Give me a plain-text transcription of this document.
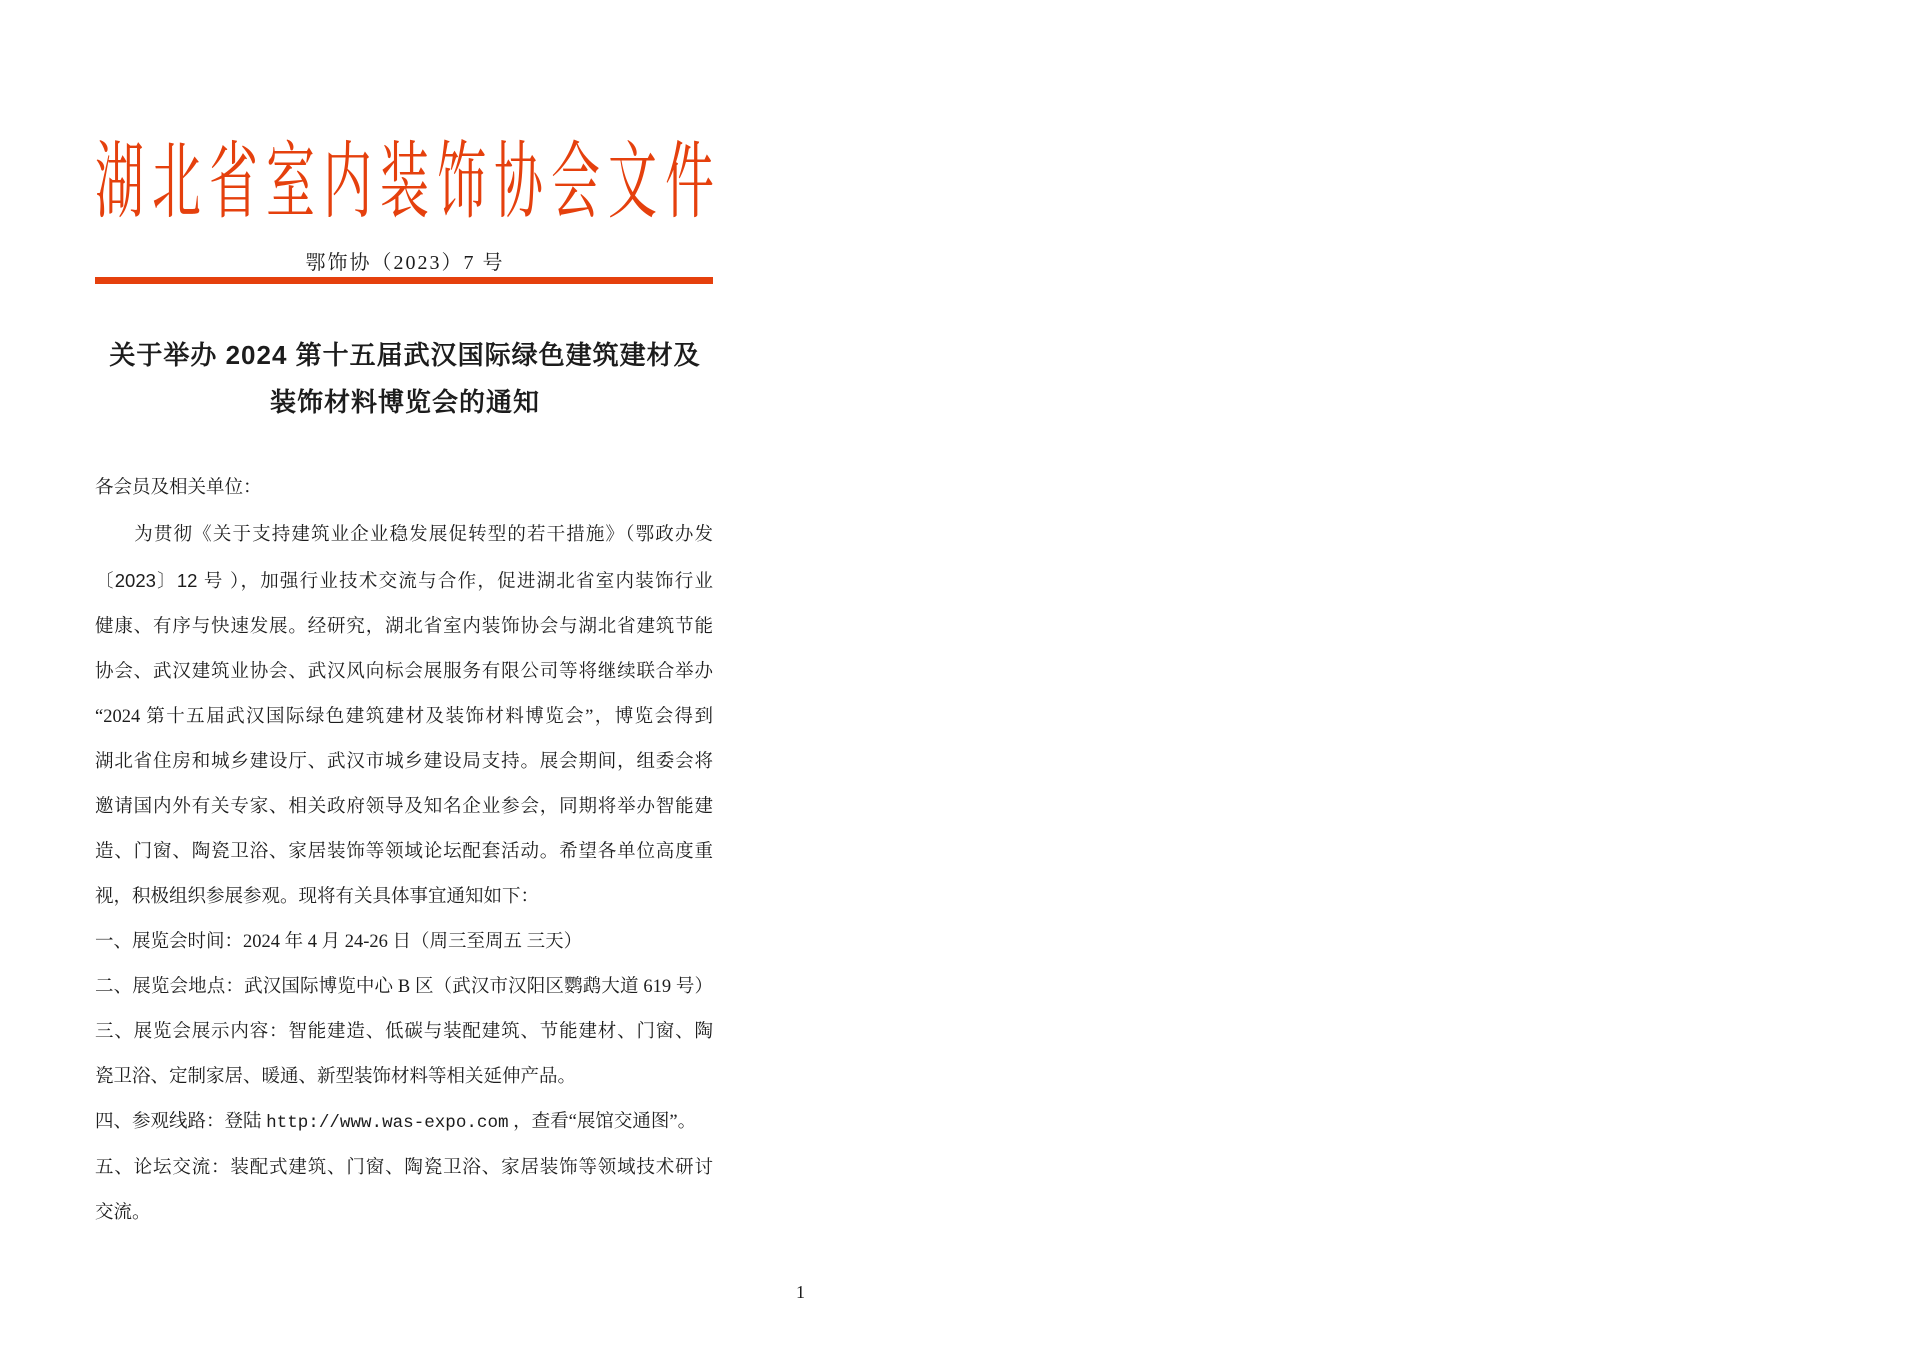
湖北省室内装饰协会文件
鄂饰协（2023）7 号
关于举办 2024 第十五届武汉国际绿色建筑建材及
装饰材料博览会的通知
各会员及相关单位：
　　为贯彻《关于支持建筑业企业稳发展促转型的若干措施》（鄂政办发
〔2023〕12 号 ），加强行业技术交流与合作，促进湖北省室内装饰行业
健康、有序与快速发展。经研究，湖北省室内装饰协会与湖北省建筑节能
协会、武汉建筑业协会、武汉风向标会展服务有限公司等将继续联合举办
“2024 第十五届武汉国际绿色建筑建材及装饰材料博览会”，博览会得到
湖北省住房和城乡建设厅、武汉市城乡建设局支持。展会期间，组委会将
邀请国内外有关专家、相关政府领导及知名企业参会，同期将举办智能建
造、门窗、陶瓷卫浴、家居装饰等领域论坛配套活动。希望各单位高度重
视，积极组织参展参观。现将有关具体事宜通知如下：
一、展览会时间：2024 年 4 月 24-26 日（周三至周五 三天）
二、展览会地点：武汉国际博览中心 B 区（武汉市汉阳区鹦鹉大道 619 号）
三、展览会展示内容：智能建造、低碳与装配建筑、节能建材、门窗、陶
瓷卫浴、定制家居、暖通、新型装饰材料等相关延伸产品。
四、参观线路：登陆 http://www.was-expo.com ，查看“展馆交通图”。
五、论坛交流：装配式建筑、门窗、陶瓷卫浴、家居装饰等领域技术研讨
交流。
1
